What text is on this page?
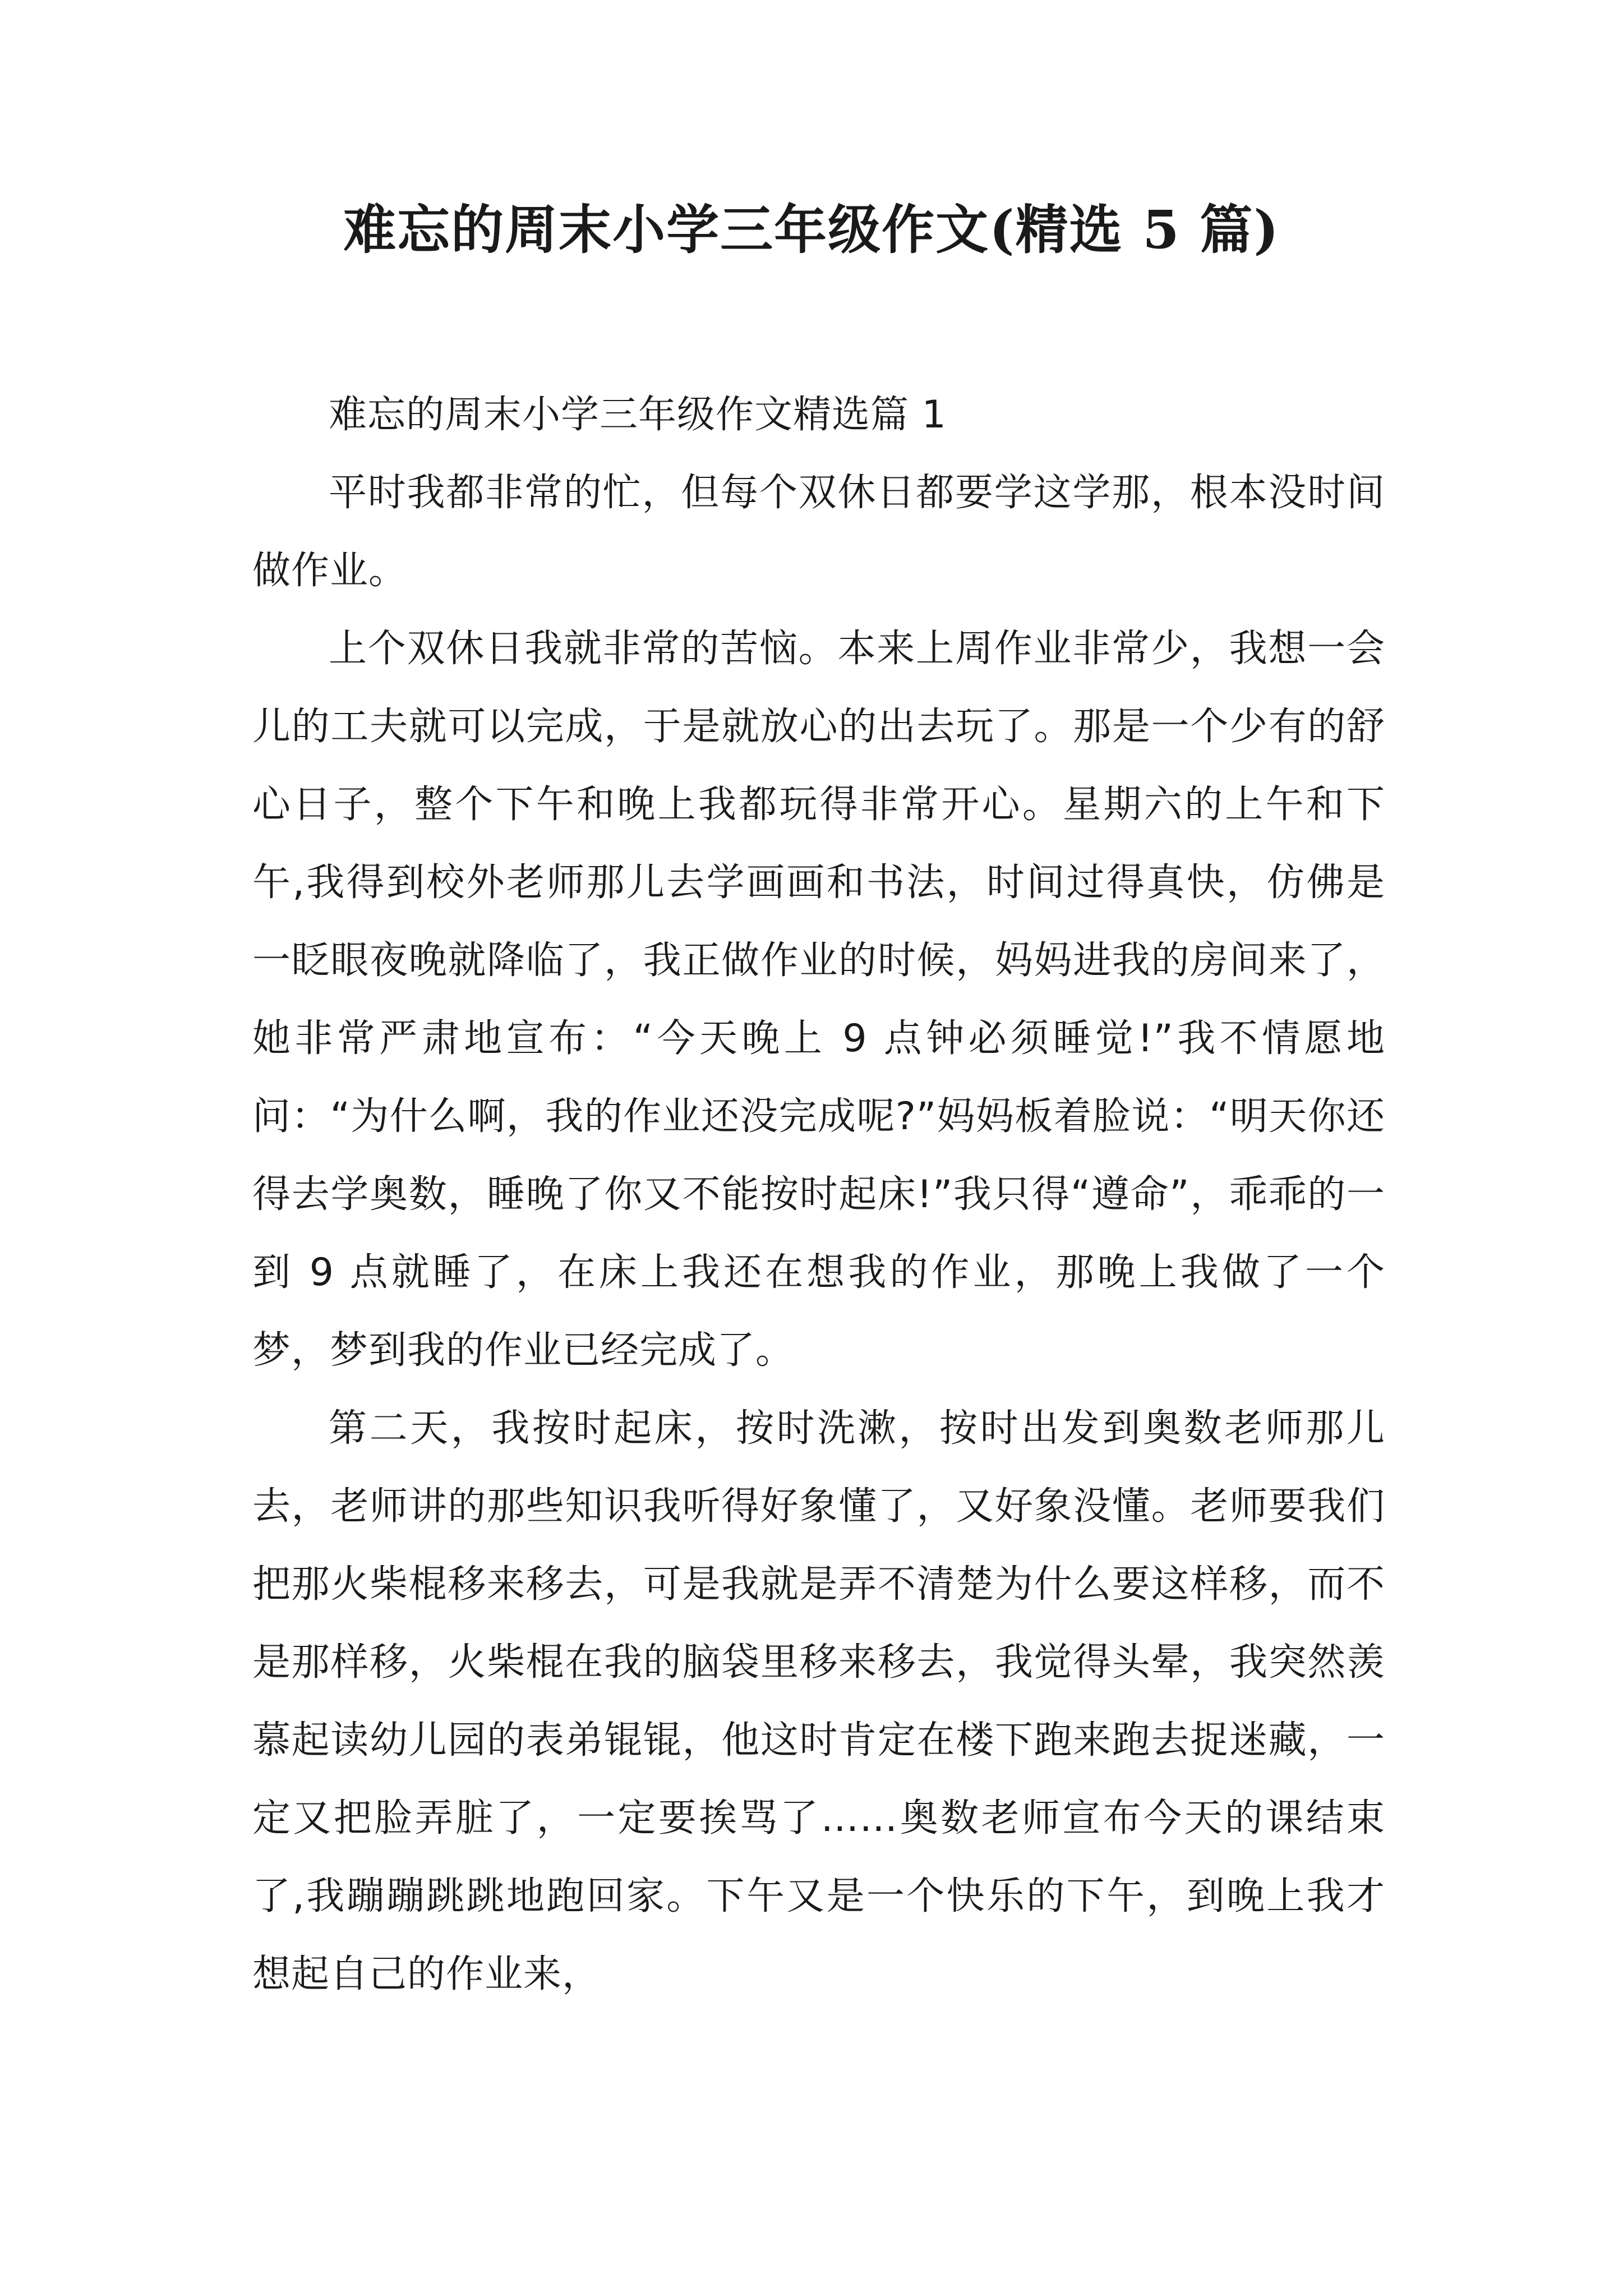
难忘的周末小学三年级作文(精选 5 篇)

难忘的周末小学三年级作文精选篇 1

平时我都非常的忙，但每个双休日都要学这学那，根本没时间做作业。

上个双休日我就非常的苦恼。本来上周作业非常少，我想一会儿的工夫就可以完成，于是就放心的出去玩了。那是一个少有的舒心日子，整个下午和晚上我都玩得非常开心。星期六的上午和下午,我得到校外老师那儿去学画画和书法，时间过得真快，仿佛是一眨眼夜晚就降临了，我正做作业的时候，妈妈进我的房间来了，她非常严肃地宣布：“今天晚上 9 点钟必须睡觉!”我不情愿地问：“为什么啊，我的作业还没完成呢?”妈妈板着脸说：“明天你还得去学奥数，睡晚了你又不能按时起床!”我只得“遵命”，乖乖的一到 9 点就睡了，在床上我还在想我的作业，那晚上我做了一个梦，梦到我的作业已经完成了。

第二天，我按时起床，按时洗漱，按时出发到奥数老师那儿去，老师讲的那些知识我听得好象懂了，又好象没懂。老师要我们把那火柴棍移来移去，可是我就是弄不清楚为什么要这样移，而不是那样移，火柴棍在我的脑袋里移来移去，我觉得头晕，我突然羡慕起读幼儿园的表弟锟锟，他这时肯定在楼下跑来跑去捉迷藏，一定又把脸弄脏了，一定要挨骂了……奥数老师宣布今天的课结束了,我蹦蹦跳跳地跑回家。下午又是一个快乐的下午，到晚上我才想起自己的作业来，
